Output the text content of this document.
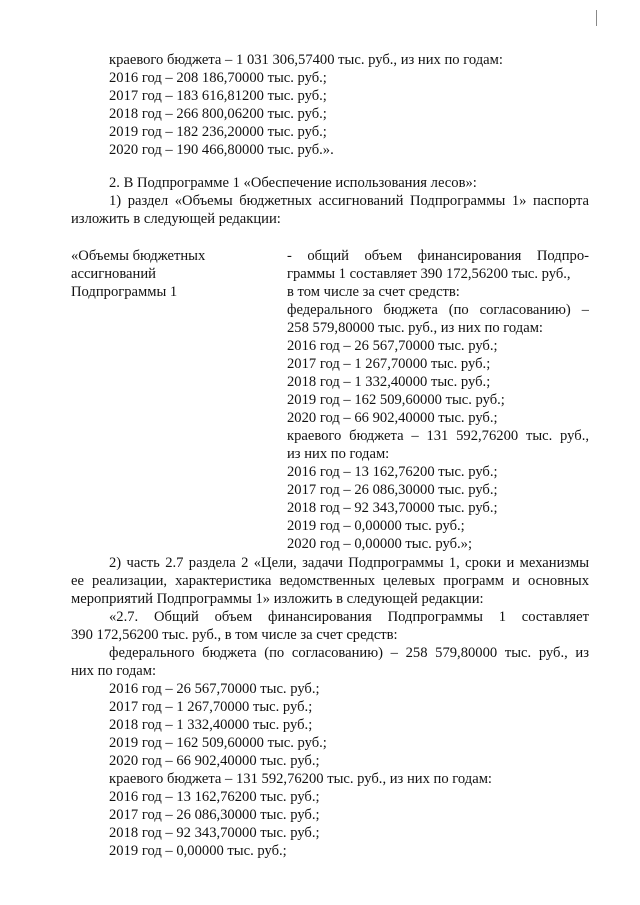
краевого бюджета – 1 031 306,57400 тыс. руб., из них по годам:
2016 год – 208 186,70000 тыс. руб.;
2017 год – 183 616,81200 тыс. руб.;
2018 год – 266 800,06200 тыс. руб.;
2019 год – 182 236,20000 тыс. руб.;
2020 год – 190 466,80000 тыс. руб.».
2. В Подпрограмме 1 «Обеспечение использования лесов»:
1) раздел «Объемы бюджетных ассигнований Подпрограммы 1» паспорта
изложить в следующей редакции:
«Объемы бюджетных
ассигнований
Подпрограммы 1
- общий объем финансирования Подпро-
граммы 1 составляет 390 172,56200 тыс. руб.,
в том числе за счет средств:
федерального бюджета (по согласованию) –
258 579,80000 тыс. руб., из них по годам:
2016 год – 26 567,70000 тыс. руб.;
2017 год – 1 267,70000 тыс. руб.;
2018 год – 1 332,40000 тыс. руб.;
2019 год – 162 509,60000 тыс. руб.;
2020 год – 66 902,40000 тыс. руб.;
краевого бюджета – 131 592,76200 тыс. руб.,
из них по годам:
2016 год – 13 162,76200 тыс. руб.;
2017 год – 26 086,30000 тыс. руб.;
2018 год – 92 343,70000 тыс. руб.;
2019 год – 0,00000 тыс. руб.;
2020 год – 0,00000 тыс. руб.»;
2) часть 2.7 раздела 2 «Цели, задачи Подпрограммы 1, сроки и механизмы
ее реализации, характеристика ведомственных целевых программ и основных
мероприятий Подпрограммы 1» изложить в следующей редакции:
«2.7. Общий объем финансирования Подпрограммы 1 составляет
390 172,56200 тыс. руб., в том числе за счет средств:
федерального бюджета (по согласованию) – 258 579,80000 тыс. руб., из
них по годам:
2016 год – 26 567,70000 тыс. руб.;
2017 год – 1 267,70000 тыс. руб.;
2018 год – 1 332,40000 тыс. руб.;
2019 год – 162 509,60000 тыс. руб.;
2020 год – 66 902,40000 тыс. руб.;
краевого бюджета – 131 592,76200 тыс. руб., из них по годам:
2016 год – 13 162,76200 тыс. руб.;
2017 год – 26 086,30000 тыс. руб.;
2018 год – 92 343,70000 тыс. руб.;
2019 год – 0,00000 тыс. руб.;
